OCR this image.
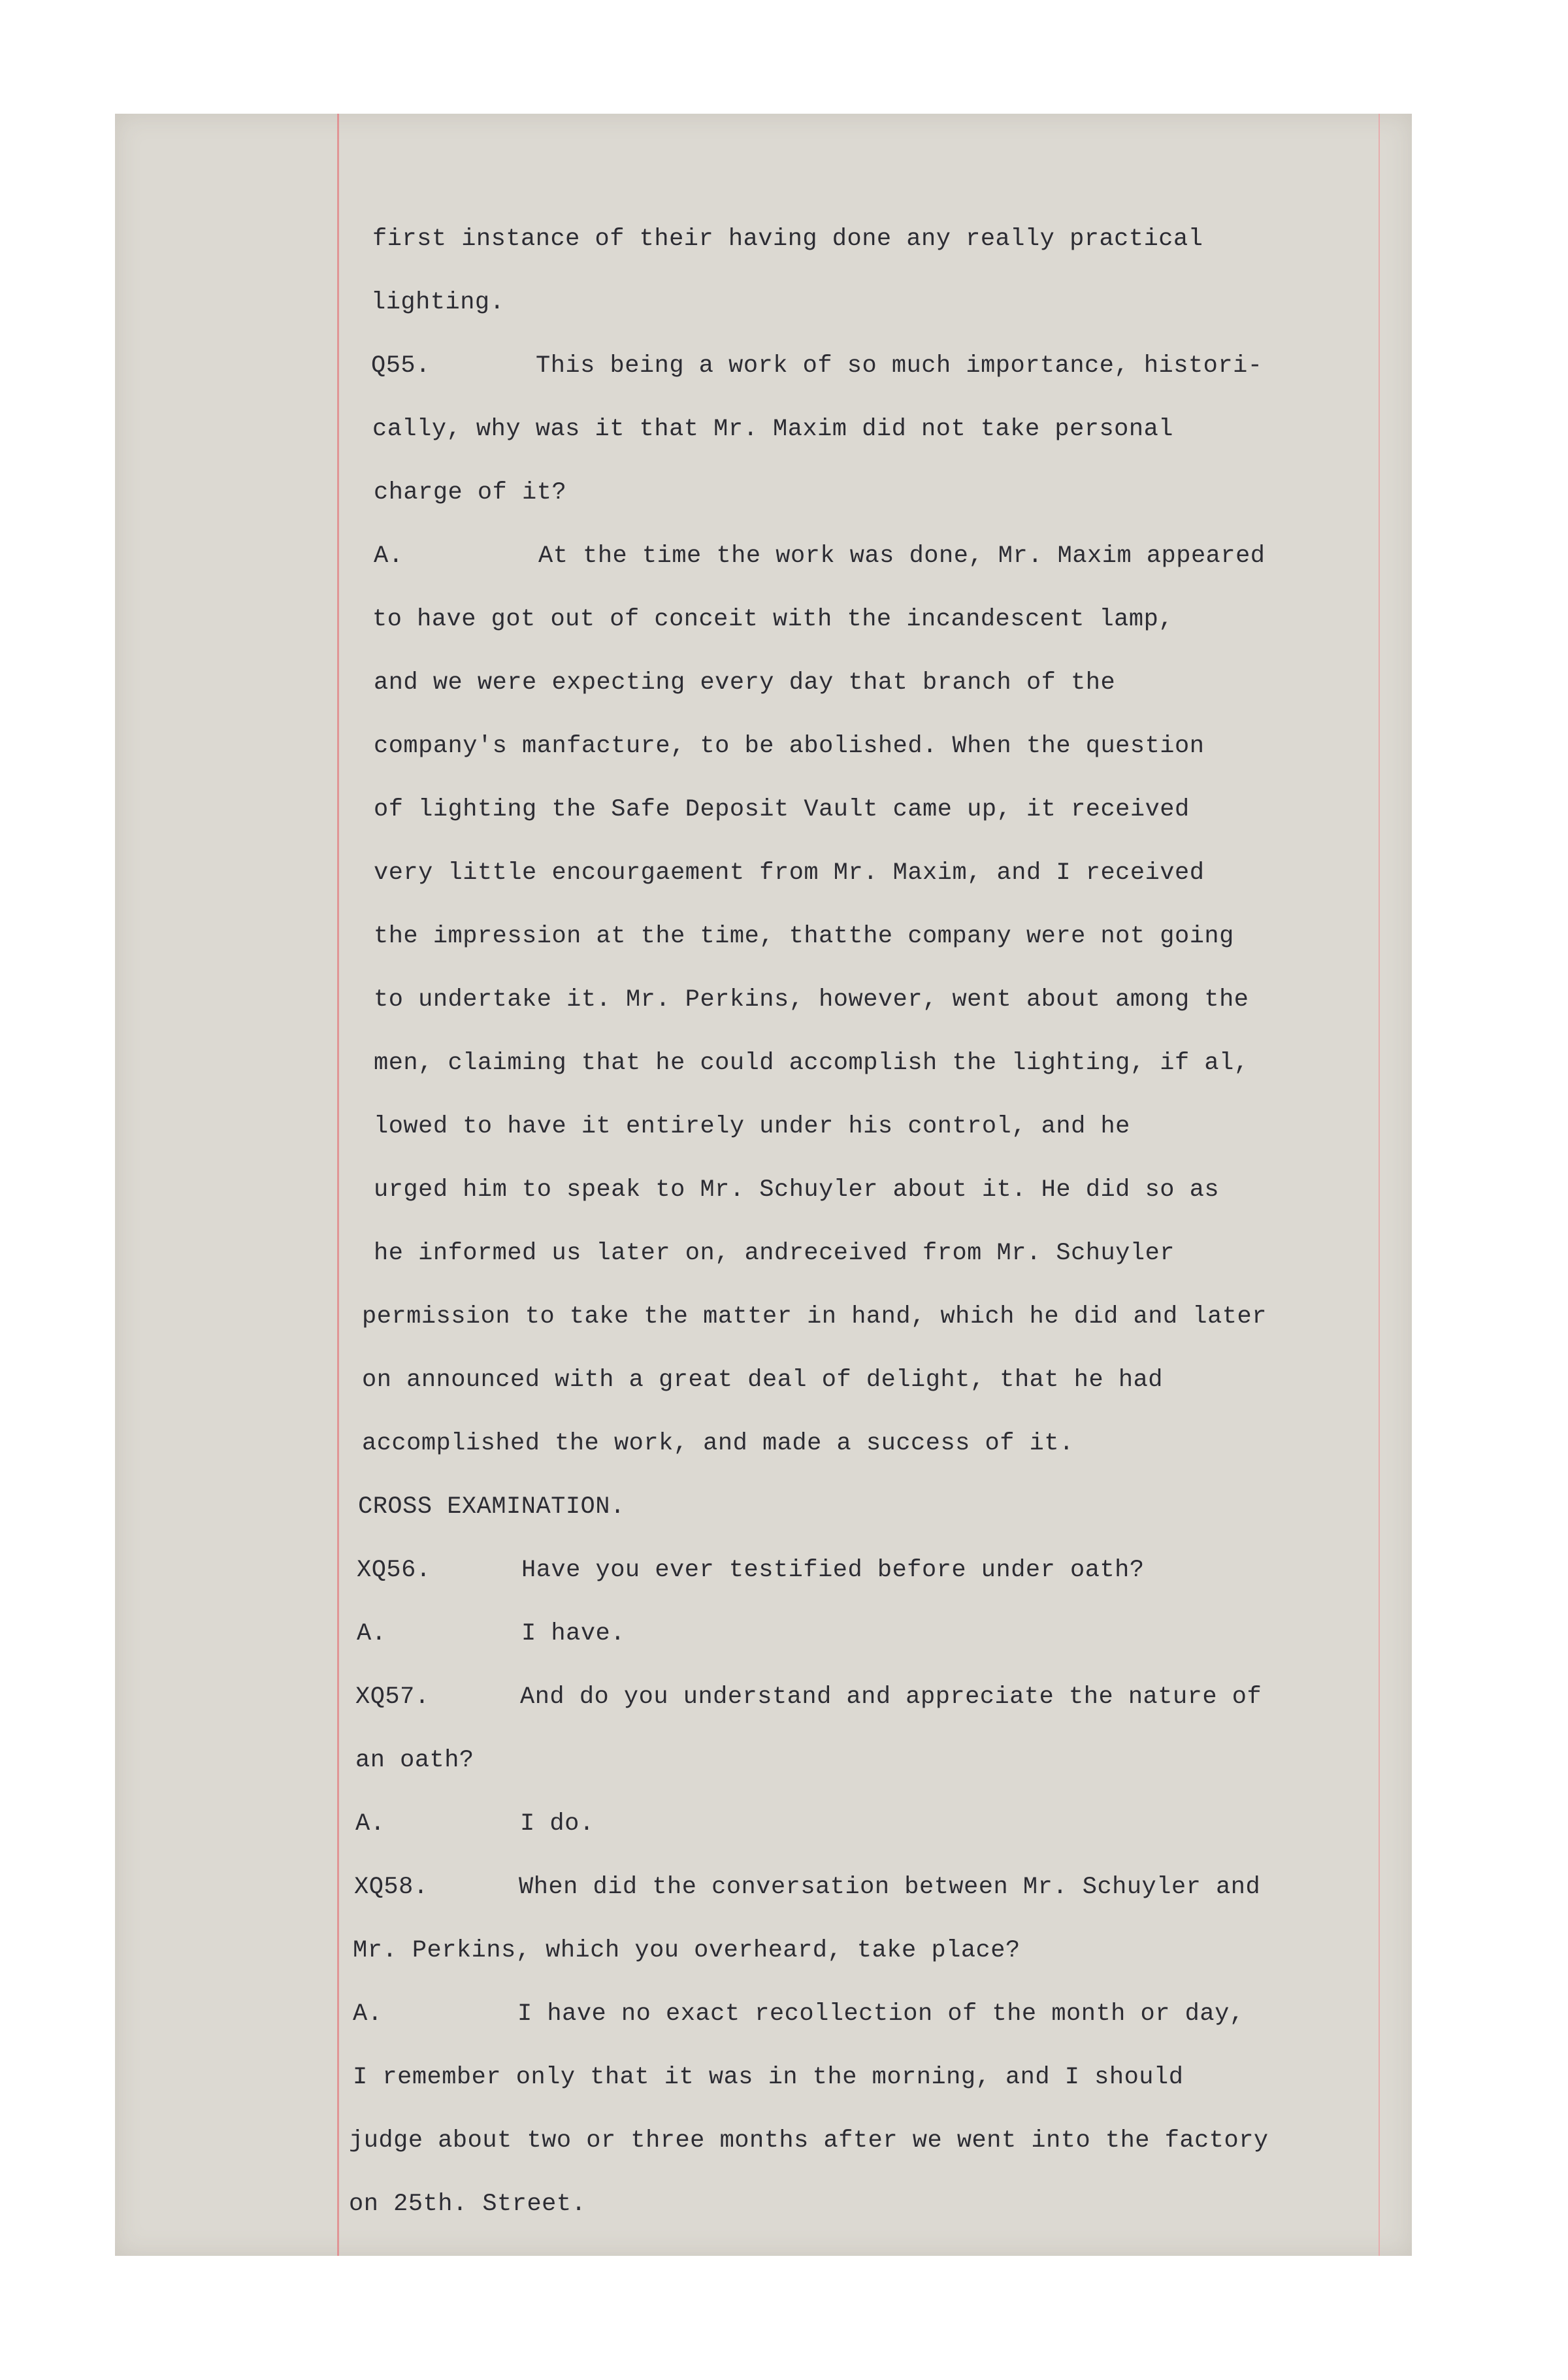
first instance of their having done any really practical
lighting.
Q55.	This being a work of so much importance, histori-
cally, why was it that Mr. Maxim did not take personal
charge of it?
A.	At the time the work was done, Mr. Maxim appeared
to have got out of conceit with the incandescent lamp,
and we were expecting every day that branch of the
company's manfacture, to be abolished. When the question
of lighting the Safe Deposit Vault came up, it received
very little encourgaement from Mr. Maxim, and I received
the impression at the time, thatthe company were not going
to undertake it. Mr. Perkins, however, went about among the
men, claiming that he could accomplish the lighting, if al,
lowed to have it entirely under his control, and he
urged him to speak to Mr. Schuyler about it. He did so as
he informed us later on, andreceived from Mr. Schuyler
permission to take the matter in hand, which he did and later
on announced with a great deal of delight, that he had
accomplished the work, and made a success of it.
CROSS EXAMINATION.
XQ56.	Have you ever testified before under oath?
A.	I have.
XQ57.	And do you understand and appreciate the nature of
an oath?
A.	I do.
XQ58.	When did the conversation between Mr. Schuyler and
Mr. Perkins, which you overheard, take place?
A.	I have no exact recollection of the month or day,
I remember only that it was in the morning, and I should
judge about two or three months after we went into the factory
on 25th. Street.
